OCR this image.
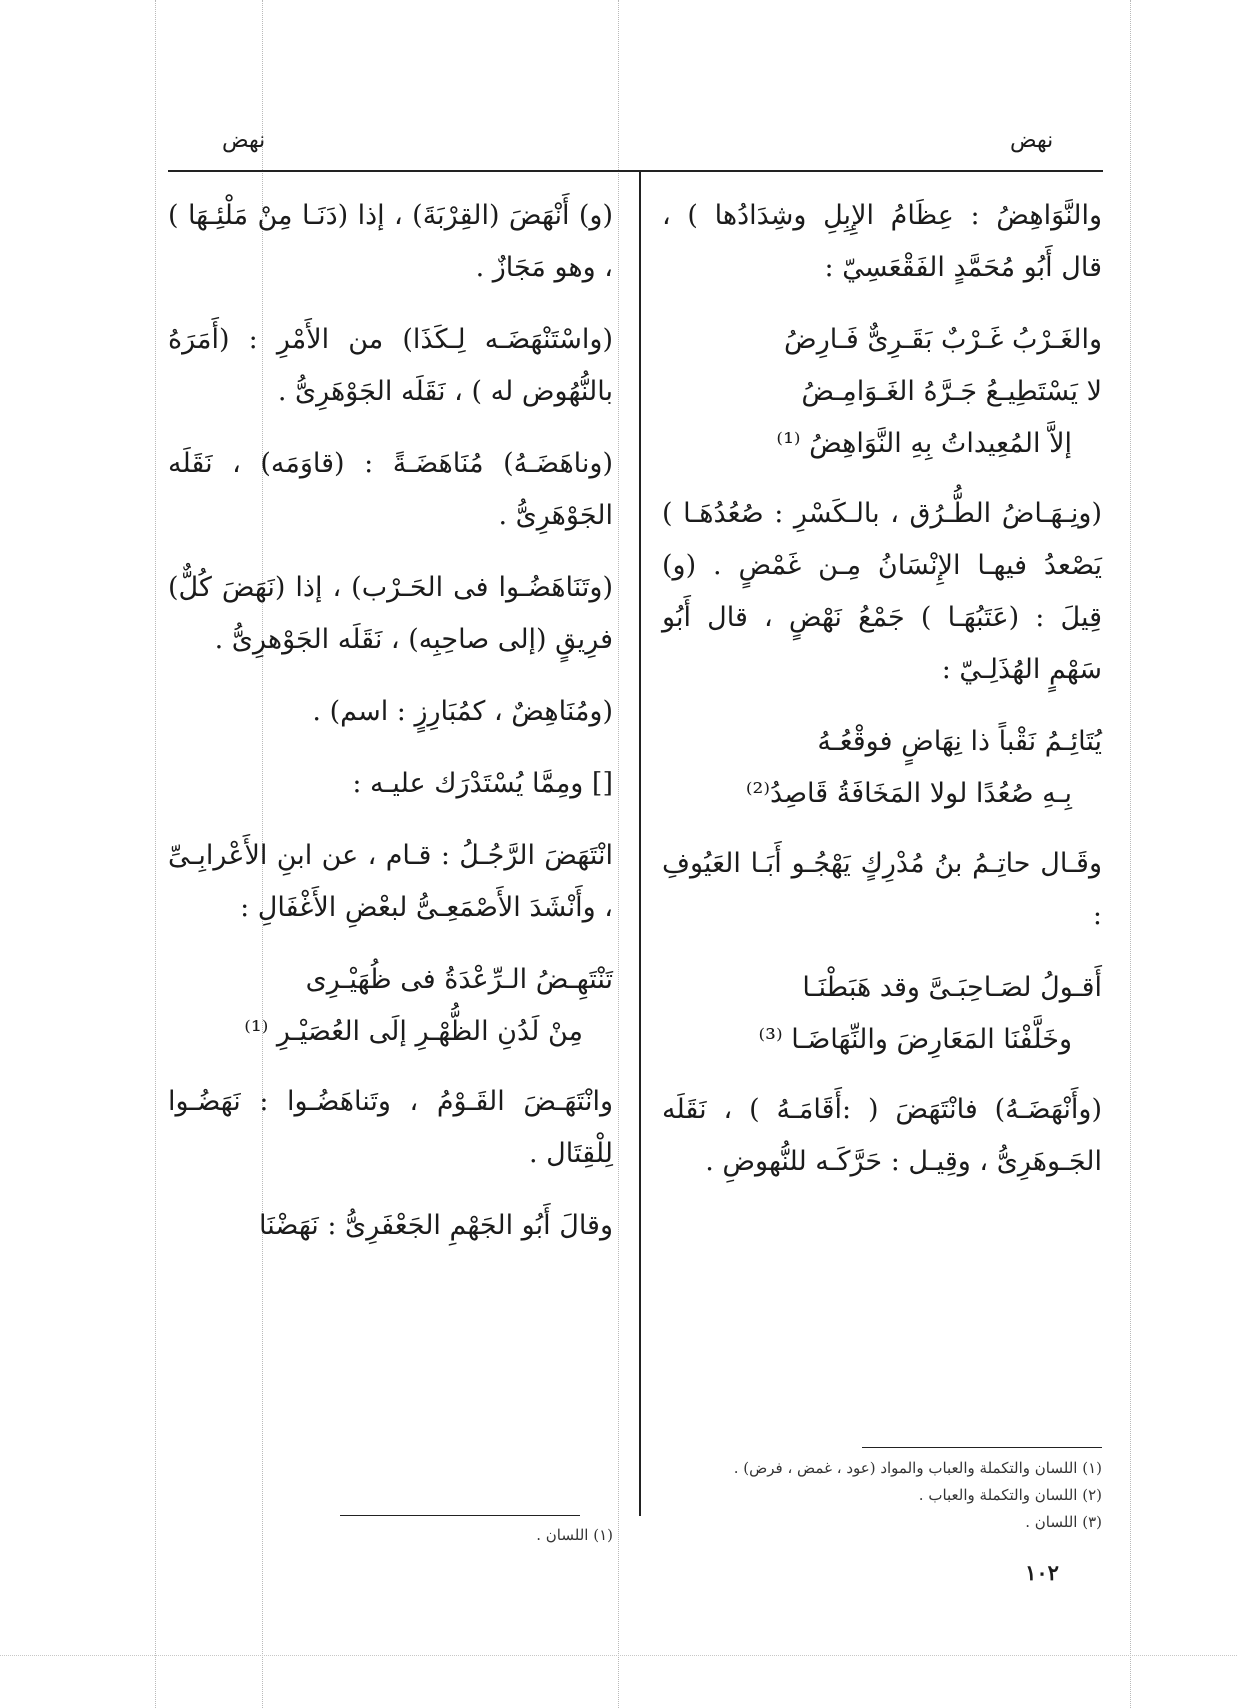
نهض	نهض

والنَّوَاهِضُ : عِظَامُ الإِبِلِ وشِدَادُها ) ، قال أَبُو مُحَمَّدٍ الفَقْعَسِيّ :

والغَـرْبُ غَـرْبٌ بَقَـرِىٌّ فَـارِضُ
لا يَسْتَطِيـعُ جَـرَّهُ الغَـوَامِـضُ
إلاَّ المُعِيداتُ بِهِ النَّوَاهِضُ ⁽¹⁾

(ونِـهَـاضُ الطُّـرُق ، بالـكَسْرِ : صُعُدُهَـا ) يَصْعدُ فيهـا الإِنْسَانُ مِـن غَمْضٍ . (و) قِيلَ : (عَتَبُهَـا ) جَمْعُ نَهْضٍ ، قال أَبُو سَهْمٍ الهُذَلِـيّ :

يُتَائِـمُ نَقْباً ذا نِهَاضٍ فوقْعُـهُ
بِـهِ صُعُدًا لولا المَخَافَةُ قَاصِدُ⁽²⁾

وقَـال حاتِـمُ بنُ مُدْرِكٍ يَهْجُـو أَبَـا العَيُوفِ :

أَقـولُ لصَـاحِبَـىَّ وقد هَبَطْنَـا
وخَلَّفْنَا المَعَارِضَ والنِّهَاضَـا ⁽³⁾

(وأَنْهَضَـهُ) فانْتَهَضَ ( :أَقَامَـهُ ) ، نَقَلَه الجَـوهَرِىُّ ، وقِيـل : حَرَّكَـه للنُّهوضِ .

(١) اللسان والتكملة والعباب والمواد (عود ، غمض ، فرض) .

(٢) اللسان والتكملة والعباب .

(٣) اللسان .

(و) أَنْهَضَ (القِرْبَةَ) ، إذا (دَنَـا مِنْ مَلْئِـهَا ) ، وهو مَجَازٌ .

(واسْتَنْهَضَـه لِـكَذَا) من الأَمْرِ : (أَمَرَهُ بالنُّهُوض له ) ، نَقَلَه الجَوْهَرِىُّ .

(وناهَضَـهُ) مُنَاهَضَـةً : (قاوَمَه) ، نَقَلَه الجَوْهَرِىُّ .

(وتَنَاهَضُـوا فى الحَـرْب) ، إذا (نَهَضَ كُلٌّ) فرِيقٍ (إلى صاحِبِه) ، نَقَلَه الجَوْهرِىُّ .

(ومُنَاهِضٌ ، كمُبَارِزٍ : اسم) .

[] ومِمَّا يُسْتَدْرَك عليـه :

انْتَهَضَ الرَّجُـلُ : قـام ، عن ابنِ الأَعْرابِـىِّ ، وأَنْشَدَ الأَصْمَعِـىُّ لبعْضِ الأَغْفَالِ :

تَنْتَهِـضُ الـرِّعْدَةُ فى ظُهَيْـرِى
مِنْ لَدُنِ الظُّهْـرِ إلَى العُصَيْـرِ ⁽¹⁾

وانْتَهَـضَ القَـوْمُ ، وتَناهَضُـوا : نَهَضُـوا لِلْقِتَال .

وقالَ أَبُو الجَهْمِ الجَعْفَرِىُّ : نَهَضْنَا

(١) اللسان .

١٠٢
